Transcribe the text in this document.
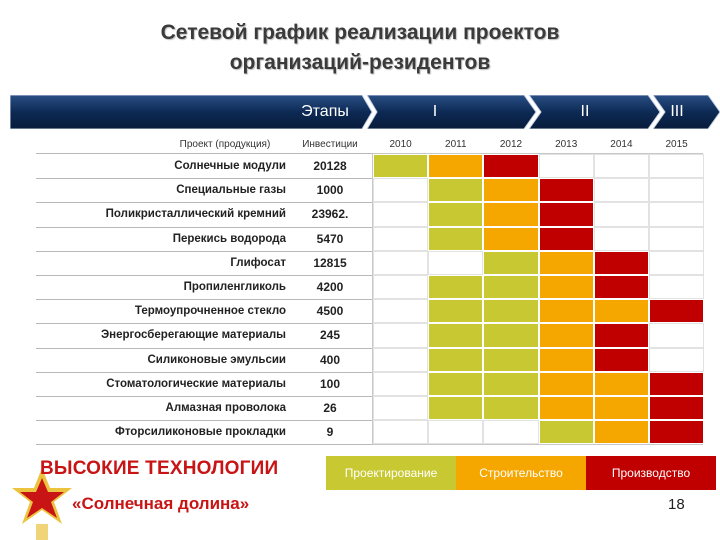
Сетевой график реализации проектов
организаций-резидентов
Этапы	I	II	III
Проект (продукция)	Инвестиции	2010	2011	2012	2013	2014	2015
Солнечные модули	20128
Специальные газы	1000
Поликристаллический кремний	23962.
Перекись водорода	5470
Глифосат	12815
Пропиленгликоль	4200
Термоупрочненное стекло	4500
Энергосберегающие материалы	245
Силиконовые эмульсии	400
Стоматологические материалы	100
Алмазная проволока	26
Фторсиликоновые прокладки	9
Проектирование	Строительство	Производство
ВЫСОКИЕ ТЕХНОЛОГИИ
«Солнечная долина»	18
